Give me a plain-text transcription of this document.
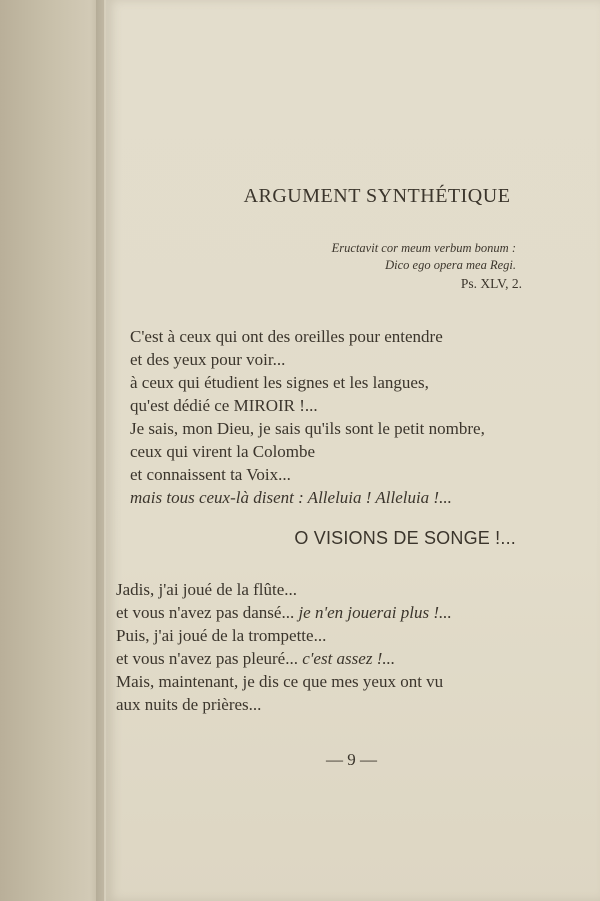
ARGUMENT SYNTHÉTIQUE
Eructavit cor meum verbum bonum :
Dico ego opera mea Regi.
Ps. XLV, 2.
C'est à ceux qui ont des oreilles pour entendre
et des yeux pour voir...
à ceux qui étudient les signes et les langues,
qu'est dédié ce MIROIR !...
Je sais, mon Dieu, je sais qu'ils sont le petit nombre,
ceux qui virent la Colombe
et connaissent ta Voix...
mais tous ceux-là disent : Alleluia ! Alleluia !...
O VISIONS DE SONGE !...
Jadis, j'ai joué de la flûte...
et vous n'avez pas dansé... je n'en jouerai plus !...
Puis, j'ai joué de la trompette...
et vous n'avez pas pleuré... c'est assez !...
Mais, maintenant, je dis ce que mes yeux ont vu
aux nuits de prières...
— 9 —
